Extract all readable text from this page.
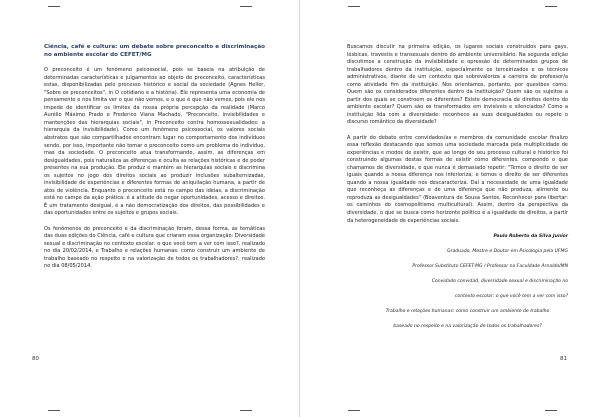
Ciência, café e cultura: um debate sobre preconceito e discriminação no ambiente escolar do CEFET/MG

O preconceito é um fenômeno psicossocial, pois se baseia na atribuição de determinadas características e julgamentos ao objeto de preconceito, características estas, disponibilizadas pelo processo histórico e social da sociedade (Agnes Heller, "Sobre os preconceitos", in O cotidiano e a história). Ele representa uma economia de pensamento e nos limita ver o que não vemos, e o que é que não vemos, pois ele nos impede de identificar os limites da nossa própria percepção da realidade (Marco Aurélio Máximo Prado e Frederico Viana Machado, "Preconceito, invisibilidades e mantenções das hierarquias sociais", in Preconceito contra homossexualidades: a hierarquia da invisibilidade). Como um fenômeno psicossocial, os valores sociais abstratos que são compartilhados encontram lugar no comportamento dos indivíduos sendo, por isso, importante não tomar o preconceito como um problema do indivíduo, mas da sociedade. O preconceito atua transformando, assim, as diferenças em desigualdades, pois naturaliza as diferenças e oculta as relações históricas e de poder presentes na sua produção. Ele produz e mantém as hierarquias sociais e discrimina os sujeitos no jogo dos direitos sociais ao produzir inclusões subalternizadas, invisibilidade de experiências e diferentes formas de aniquilação humana, a partir de atos de violência. Enquanto o preconceito está no campo das ideias, a discriminação está no campo da ação prática: é a atitude de negar oportunidades, acesso e direitos. É um tratamento desigual, é a não democratização dos direitos, das possibilidades e das oportunidades entre os sujeitos e grupos sociais.

Os fenômenos do preconceito e da discriminação foram, dessa forma, as temáticas das duas edições do Ciência, café e cultura que criaram essa organização: Diversidade sexual e discriminação no contexto escolar: o que você tem a ver com isso?, realizado no dia 20/02/2014, e Trabalho e relações humanas: como construir um ambiente de trabalho baseado no respeito e na valorização de todos os trabalhadores?, realizado no dia 08/05/2014.

80

Buscamos discutir na primeira edição, os lugares sociais construídos para gays, lésbicas, travestis e transexuais dentro do ambiente universitário. Na segunda edição discutimos a construção da invisibilidade e opressão de determinados grupos de trabalhadores dentro da instituição, especialmente os terceirizados e os técnicos administrativos, diante de um contexto que sobrevaloriza a carreira de professor/a como atividade fim da instituição. Nos orientamos, portanto, por questões como: Quem são os considerados diferentes dentro da instituição? Quem são os sujeitos a partir dos quais se constroem os diferentes? Existe democracia de direitos dentro do ambiente escolar? Quem são os transformados em invisíveis e silenciados? Como a instituição lida com a diversidade: reconhece as suas desigualdades ou repete o discurso romântico da diversidade?

A partir do debate entre convidados/as e membros da comunidade escolar finalizo essa reflexão destacando que somos uma sociedade marcada pela multiplicidade de experiências e modos de existir, que ao longo do seu processo cultural e histórico foi construindo algumas destas formas de existir como diferentes, compondo o que chamamos de diversidade, e que nunca é demasiado repetir: "Temos o direito de ser iguais quando a nossa diferença nos inferioriza; e temos o direito de ser diferentes quando a nossa igualdade nos descaracteriza. Daí a necessidade de uma igualdade que reconheça as diferenças e de uma diferença que não produza, alimente ou reproduza as desigualdades" (Boaventura de Sousa Santos, Reconhecer para libertar: os caminhos do cosmopolitismo multicultural). Assim, dentro da perspectiva da diversidade, o que se busca como horizonte político é a igualdade de direitos, a partir da heterogeneidade de experiências sociais.

Paulo Roberto da Silva Junior

Graduado, Mestre e Doutor em Psicologia pela UFMG

Professor Substituto CEFET-MG / Professor na Faculdade Arnaldo/MN

Convidado convidad, diversidade sexual e discriminação no

contexto escolar: o que você tem a ver com isso?

Trabalho e relações humanas: como construir um ambiente de trabalho

baseado no respeito e na valorização de todos os trabalhadores?

81
